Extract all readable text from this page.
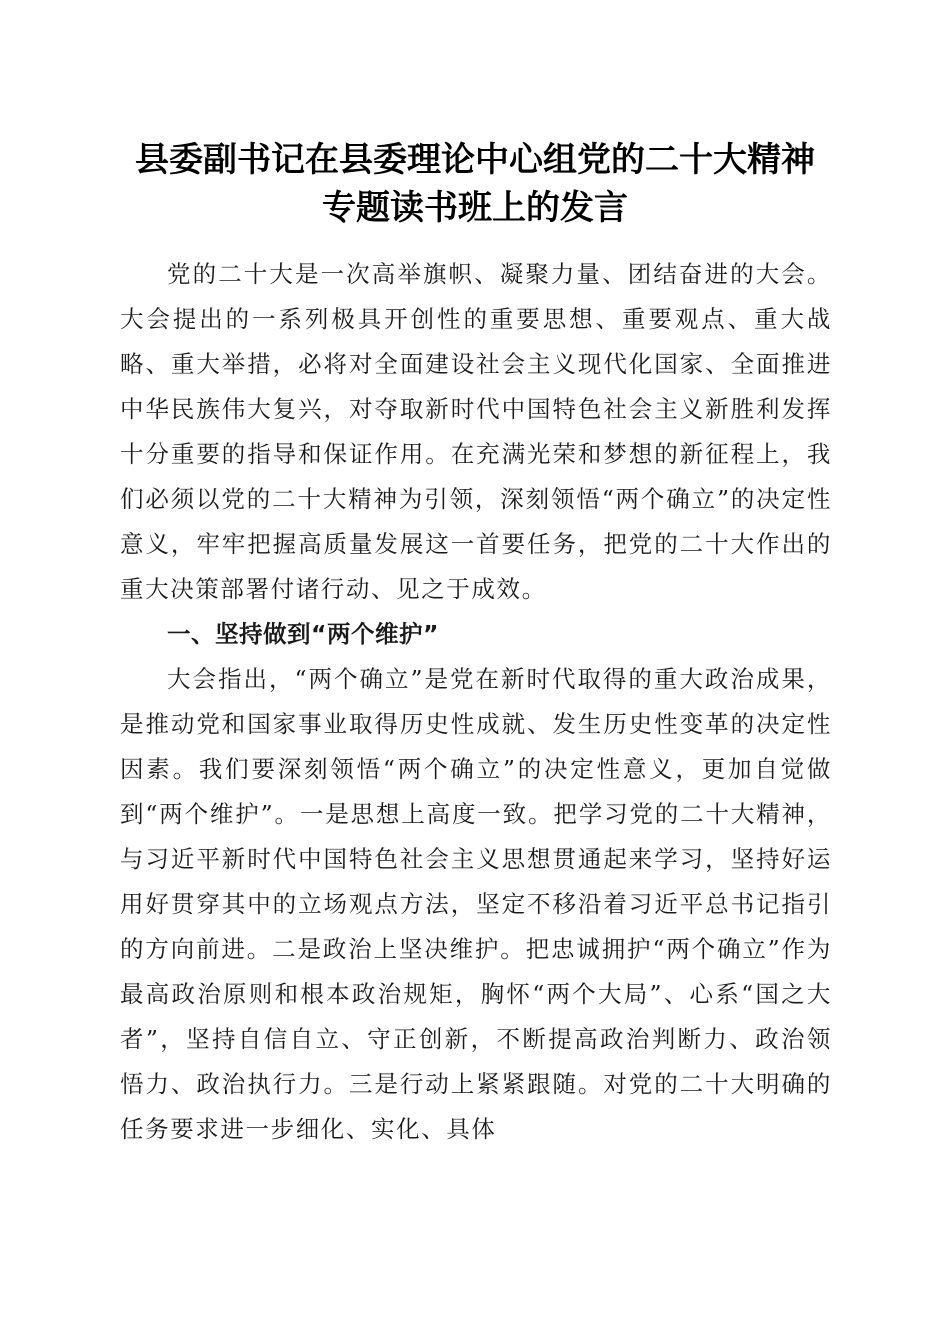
县委副书记在县委理论中心组党的二十大精神
专题读书班上的发言

党的二十大是一次高举旗帜、凝聚力量、团结奋进的大会。大会提出的一系列极具开创性的重要思想、重要观点、重大战略、重大举措，必将对全面建设社会主义现代化国家、全面推进中华民族伟大复兴，对夺取新时代中国特色社会主义新胜利发挥十分重要的指导和保证作用。在充满光荣和梦想的新征程上，我们必须以党的二十大精神为引领，深刻领悟“两个确立”的决定性意义，牢牢把握高质量发展这一首要任务，把党的二十大作出的重大决策部署付诸行动、见之于成效。

一、坚持做到“两个维护”

大会指出，“两个确立”是党在新时代取得的重大政治成果，是推动党和国家事业取得历史性成就、发生历史性变革的决定性因素。我们要深刻领悟“两个确立”的决定性意义，更加自觉做到“两个维护”。一是思想上高度一致。把学习党的二十大精神，与习近平新时代中国特色社会主义思想贯通起来学习，坚持好运用好贯穿其中的立场观点方法，坚定不移沿着习近平总书记指引的方向前进。二是政治上坚决维护。把忠诚拥护“两个确立”作为最高政治原则和根本政治规矩，胸怀“两个大局”、心系“国之大者”，坚持自信自立、守正创新，不断提高政治判断力、政治领悟力、政治执行力。三是行动上紧紧跟随。对党的二十大明确的任务要求进一步细化、实化、具体
